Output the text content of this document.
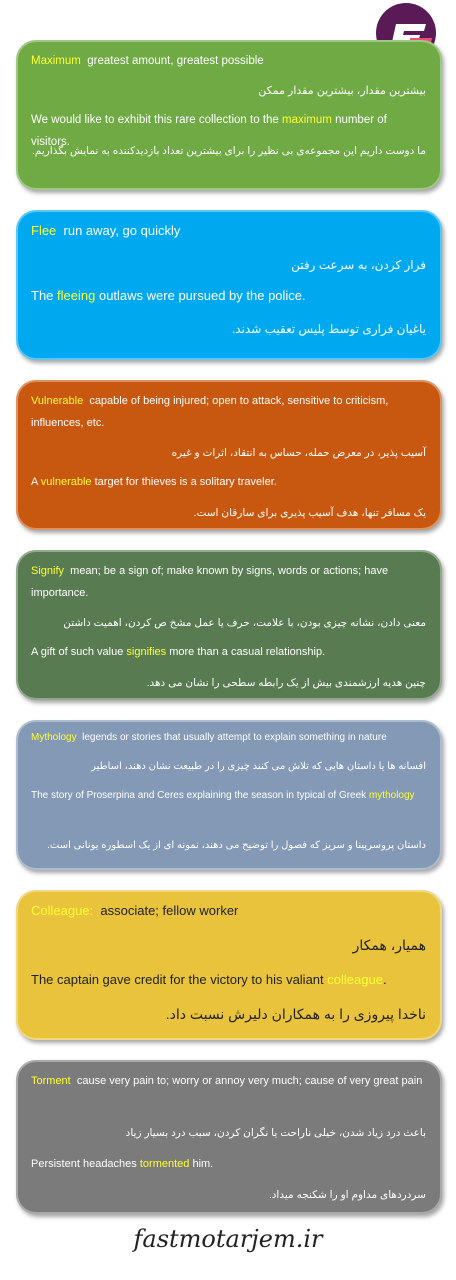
Maximum greatest amount, greatest possible
بیشترین مقدار، بیشترین مقدار ممکن
We would like to exhibit this rare collection to the maximum number of visitors.
ما دوست داریم این مجموعه‌ی بی نظیر را برای بیشترین تعداد بازدیدکننده به نمایش بگذاریم.
Flee run away, go quickly
فرار کردن، به سرعت رفتن
The fleeing outlaws were pursued by the police.
یاغیان فراری توسط پلیس تعقیب شدند.
Vulnerable capable of being injured; open to attack, sensitive to criticism, influences, etc.
آسیب پذیر، در معرض حمله، حساس به انتقاد، اثرات و غیره
A vulnerable target for thieves is a solitary traveler.
یک مسافر تنها، هدف آسیب پذیری برای سارقان است.
Signify mean; be a sign of; make known by signs, words or actions; have importance.
معنی دادن، نشانه چیزی بودن، با علامت، حرف یا عمل مشخ ص کردن، اهمیت داشتن
A gift of such value signifies more than a casual relationship.
چنین هدیه ارزشمندی بیش از یک رابطه سطحی را نشان می دهد.
Mythology legends or stories that usually attempt to explain something in nature
افسانه ها یا داستان هایی که تلاش می کنند چیزی را در طبیعت نشان دهند، اساطیر
The story of Proserpina and Ceres explaining the season in typical of Greek mythology
داستان پروسرپینا و سریز که فصول را توضیح می دهند، نمونه ای از یک اسطوره یونانی است.
Colleague: associate; fellow worker
همیار، همکار
The captain gave credit for the victory to his valiant colleague.
ناخدا پیروزی را به همکاران دلیرش نسبت داد.
Torment cause very pain to; worry or annoy very much; cause of very great pain
باعث درد زیاد شدن، خیلی ناراحت یا نگران کردن، سبب درد بسیار زیاد
Persistent headaches tormented him.
سردردهای مداوم او را شکنجه میداد.
fastmotarjem.ir
